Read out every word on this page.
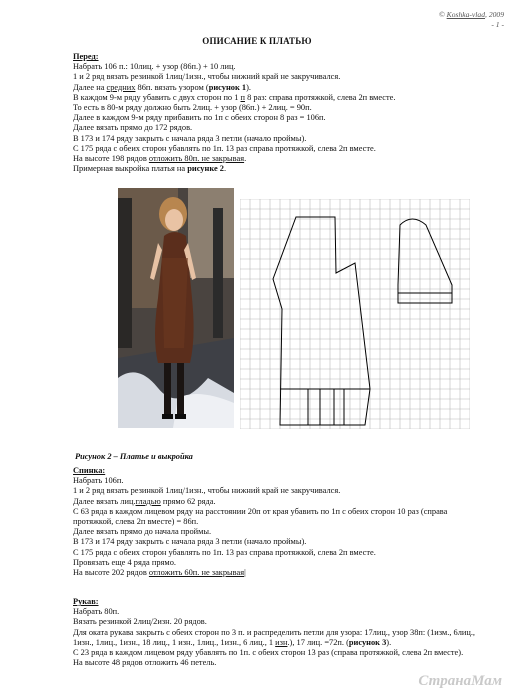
© Koshka-vlad, 2009
- 1 -
ОПИСАНИЕ К ПЛАТЬЮ
Перед:
Набрать 106 п.: 10лиц. + узор (86п.) + 10 лиц.
1 и 2 ряд вязать резинкой 1лиц/1изн., чтобы нижний край не закручивался.
Далее на средних 86п. вязать узором (рисунок 1).
В каждом 9-м ряду убавить с двух сторон по 1 п 8 раз: справа протяжкой, слева 2п вместе.
То есть в 80-м ряду должно быть 2лиц. + узор (86п.) + 2лиц. = 90п.
Далее в каждом 9-м ряду прибавить по 1п с обеих сторон 8 раз = 106п.
Далее вязать прямо до 172 рядов.
В 173 и 174 ряду закрыть с начала ряда 3 петли (начало проймы).
С 175 ряда с обеих сторон убавлять по 1п. 13 раз справа протяжкой, слева 2п вместе.
На высоте 198 рядов отложить 80п. не закрывая.
Примерная выкройка платья на рисунке 2.
Рисунок 2 – Платье и выкройка
Спинка:
Набрать 106п.
1 и 2 ряд вязать резинкой 1лиц/1изн., чтобы нижний край не закручивался.
Далее вязать лиц.гладью прямо 62 ряда.
С 63 ряда в каждом лицевом ряду на расстоянии 20п от края убавить по 1п с обеих сторон 10 раз (справа
протяжкой, слева 2п вместе) = 86п.
Далее вязать прямо до начала проймы.
В 173 и 174 ряду закрыть с начала ряда 3 петли (начало проймы).
С 175 ряда с обеих сторон убавлять по 1п. 13 раз справа протяжкой, слева 2п вместе.
Провязать еще 4 ряда прямо.
На высоте 202 рядов отложить 60п. не закрывая|
Рукав:
Набрать 80п.
Вязать резинкой 2лиц/2изн. 20 рядов.
Для оката рукава закрыть с обеих сторон по 3 п. и распределить петли для узора: 17лиц., узор 38п: (1изм., 6лиц.,
1изн., 1лиц., 1изн., 18 лиц., 1 изн., 1лиц., 1изн., 6 лиц., 1 изн.), 17 лиц. =72п. (рисунок 3).
С 23 ряда в каждом лицевом ряду убавлять по 1п. с обеих сторон 13 раз (справа протяжкой, слева 2п вместе).
На высоте 48 рядов отложить 46 петель.
СтранаМам
